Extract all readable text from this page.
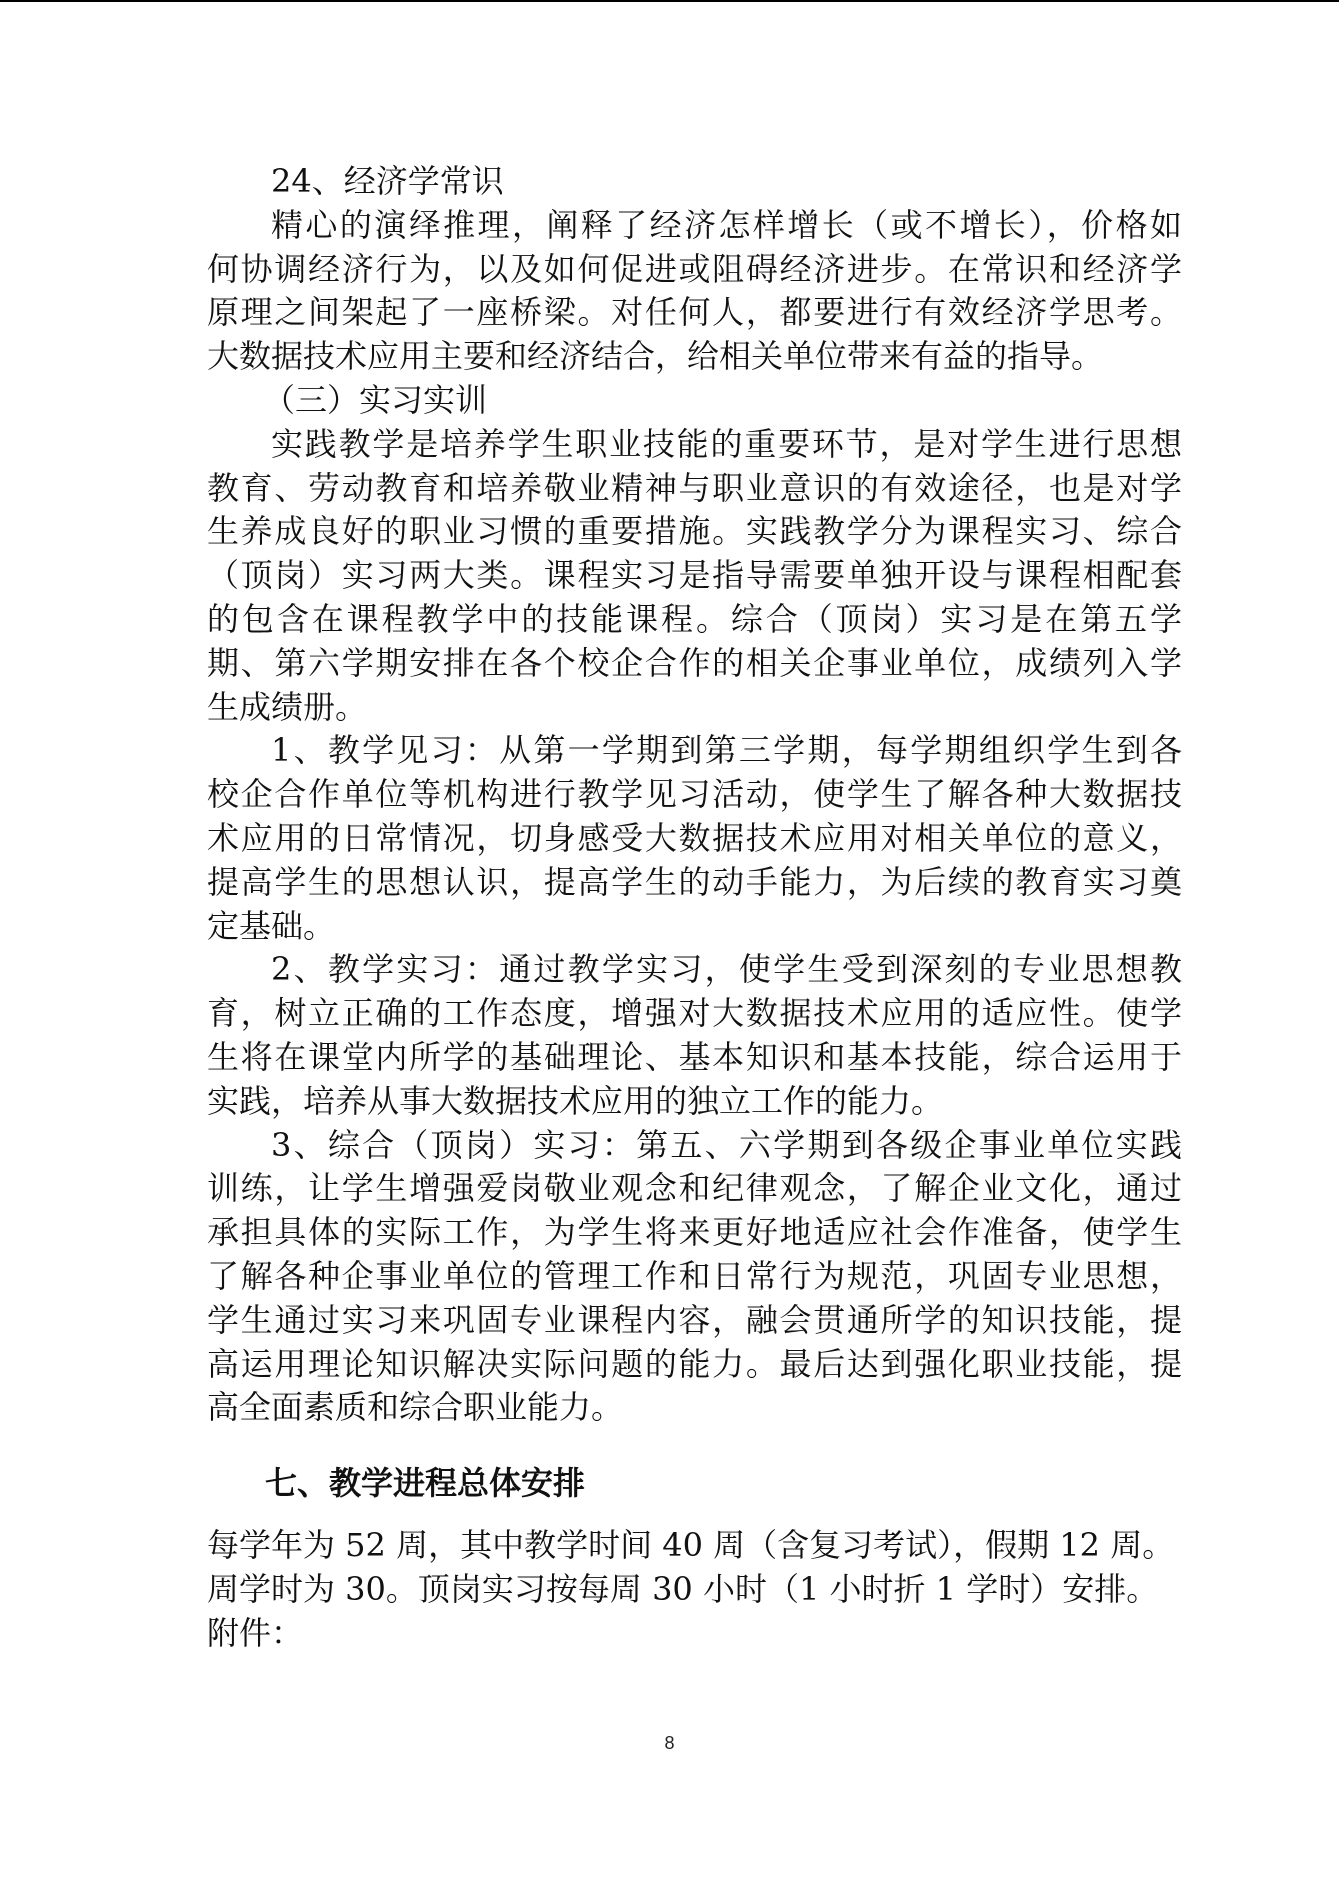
24、经济学常识
精心的演绎推理，阐释了经济怎样增长（或不增长），价格如
何协调经济行为，以及如何促进或阻碍经济进步。在常识和经济学
原理之间架起了一座桥梁。对任何人，都要进行有效经济学思考。
大数据技术应用主要和经济结合，给相关单位带来有益的指导。
（三）实习实训
实践教学是培养学生职业技能的重要环节，是对学生进行思想
教育、劳动教育和培养敬业精神与职业意识的有效途径，也是对学
生养成良好的职业习惯的重要措施。实践教学分为课程实习、综合
（顶岗）实习两大类。课程实习是指导需要单独开设与课程相配套
的包含在课程教学中的技能课程。综合（顶岗）实习是在第五学
期、第六学期安排在各个校企合作的相关企事业单位，成绩列入学
生成绩册。
1、教学见习：从第一学期到第三学期，每学期组织学生到各
校企合作单位等机构进行教学见习活动，使学生了解各种大数据技
术应用的日常情况，切身感受大数据技术应用对相关单位的意义，
提高学生的思想认识，提高学生的动手能力，为后续的教育实习奠
定基础。
2、教学实习：通过教学实习，使学生受到深刻的专业思想教
育，树立正确的工作态度，增强对大数据技术应用的适应性。使学
生将在课堂内所学的基础理论、基本知识和基本技能，综合运用于
实践，培养从事大数据技术应用的独立工作的能力。
3、综合（顶岗）实习：第五、六学期到各级企事业单位实践
训练，让学生增强爱岗敬业观念和纪律观念，了解企业文化，通过
承担具体的实际工作，为学生将来更好地适应社会作准备，使学生
了解各种企事业单位的管理工作和日常行为规范，巩固专业思想，
学生通过实习来巩固专业课程内容，融会贯通所学的知识技能，提
高运用理论知识解决实际问题的能力。最后达到强化职业技能，提
高全面素质和综合职业能力。
七、教学进程总体安排
每学年为 52 周，其中教学时间 40 周（含复习考试），假期 12 周。
周学时为 30。顶岗实习按每周 30 小时（1 小时折 1 学时）安排。
附件：
8
